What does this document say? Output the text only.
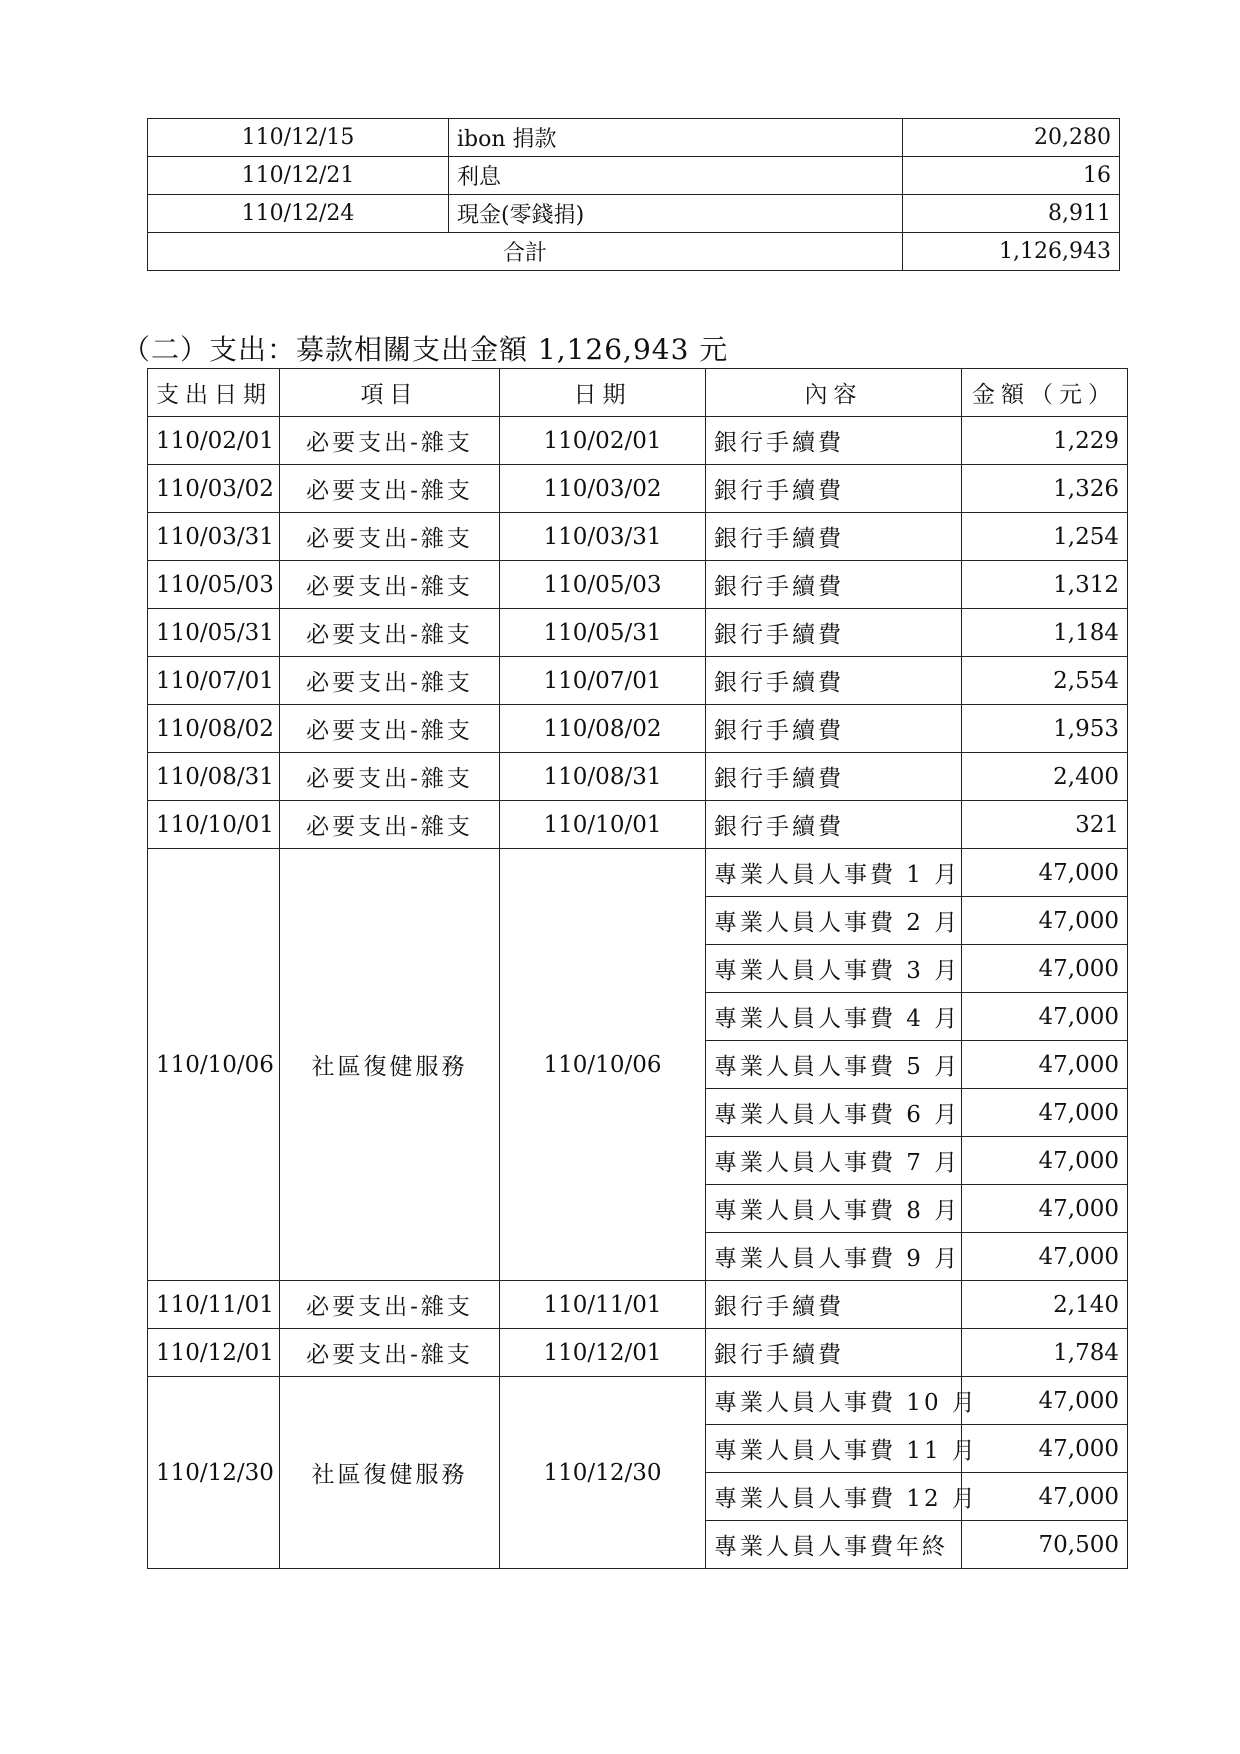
110/12/15	ibon 捐款	20,280
110/12/21	利息	16
110/12/24	現金(零錢捐)	8,911
合計		1,126,943
（二）支出：募款相關支出金額 1,126,943 元
支出日期	項目	日期	內容	金額（元）
110/02/01	必要支出-雜支	110/02/01	銀行手續費	1,229
110/03/02	必要支出-雜支	110/03/02	銀行手續費	1,326
110/03/31	必要支出-雜支	110/03/31	銀行手續費	1,254
110/05/03	必要支出-雜支	110/05/03	銀行手續費	1,312
110/05/31	必要支出-雜支	110/05/31	銀行手續費	1,184
110/07/01	必要支出-雜支	110/07/01	銀行手續費	2,554
110/08/02	必要支出-雜支	110/08/02	銀行手續費	1,953
110/08/31	必要支出-雜支	110/08/31	銀行手續費	2,400
110/10/01	必要支出-雜支	110/10/01	銀行手續費	321
110/10/06	社區復健服務	110/10/06	專業人員人事費 1 月	47,000
			專業人員人事費 2 月	47,000
			專業人員人事費 3 月	47,000
			專業人員人事費 4 月	47,000
			專業人員人事費 5 月	47,000
			專業人員人事費 6 月	47,000
			專業人員人事費 7 月	47,000
			專業人員人事費 8 月	47,000
			專業人員人事費 9 月	47,000
110/11/01	必要支出-雜支	110/11/01	銀行手續費	2,140
110/12/01	必要支出-雜支	110/12/01	銀行手續費	1,784
110/12/30	社區復健服務	110/12/30	專業人員人事費 10 月	47,000
			專業人員人事費 11 月	47,000
			專業人員人事費 12 月	47,000
			專業人員人事費年終	70,500
